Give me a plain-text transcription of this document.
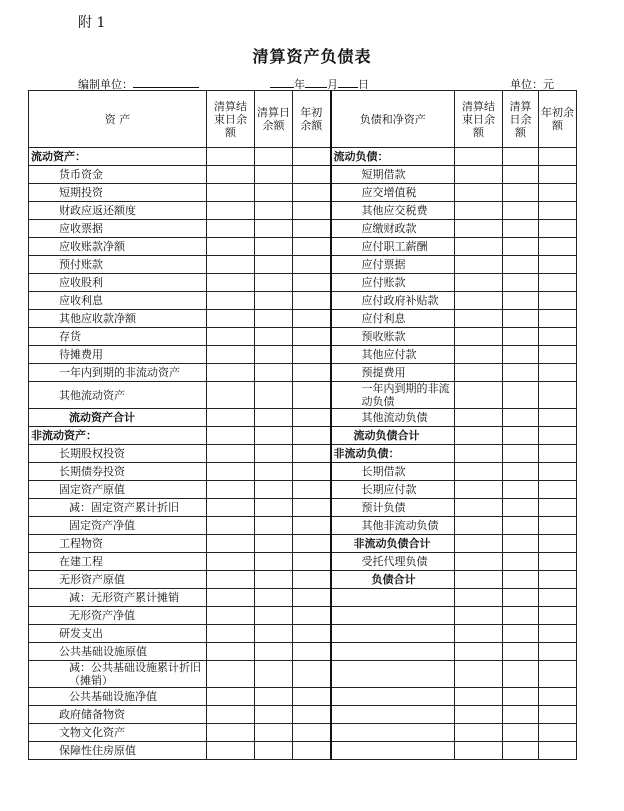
附 1
清算资产负债表
编制单位：	年 月 日	单位：元
资 产	清算结束日余额	清算日余额	年初余额	负债和净资产	清算结束日余额	清算日余额	年初余额
流动资产：				流动负债：			
货币资金				短期借款			
短期投资				应交增值税			
财政应返还额度				其他应交税费			
应收票据				应缴财政款			
应收账款净额				应付职工薪酬			
预付账款				应付票据			
应收股利				应付账款			
应收利息				应付政府补贴款			
其他应收款净额				应付利息			
存货				预收账款			
待摊费用				其他应付款			
一年内到期的非流动资产				预提费用			
其他流动资产				一年内到期的非流动负债			
流动资产合计				其他流动负债			
非流动资产：				流动负债合计			
长期股权投资				非流动负债：			
长期债券投资				长期借款			
固定资产原值				长期应付款			
减：固定资产累计折旧				预计负债			
固定资产净值				其他非流动负债			
工程物资				非流动负债合计			
在建工程				受托代理负债			
无形资产原值				负债合计			
减：无形资产累计摊销							
无形资产净值							
研发支出							
公共基础设施原值							
减：公共基础设施累计折旧（摊销）							
公共基础设施净值							
政府储备物资							
文物文化资产							
保障性住房原值							
